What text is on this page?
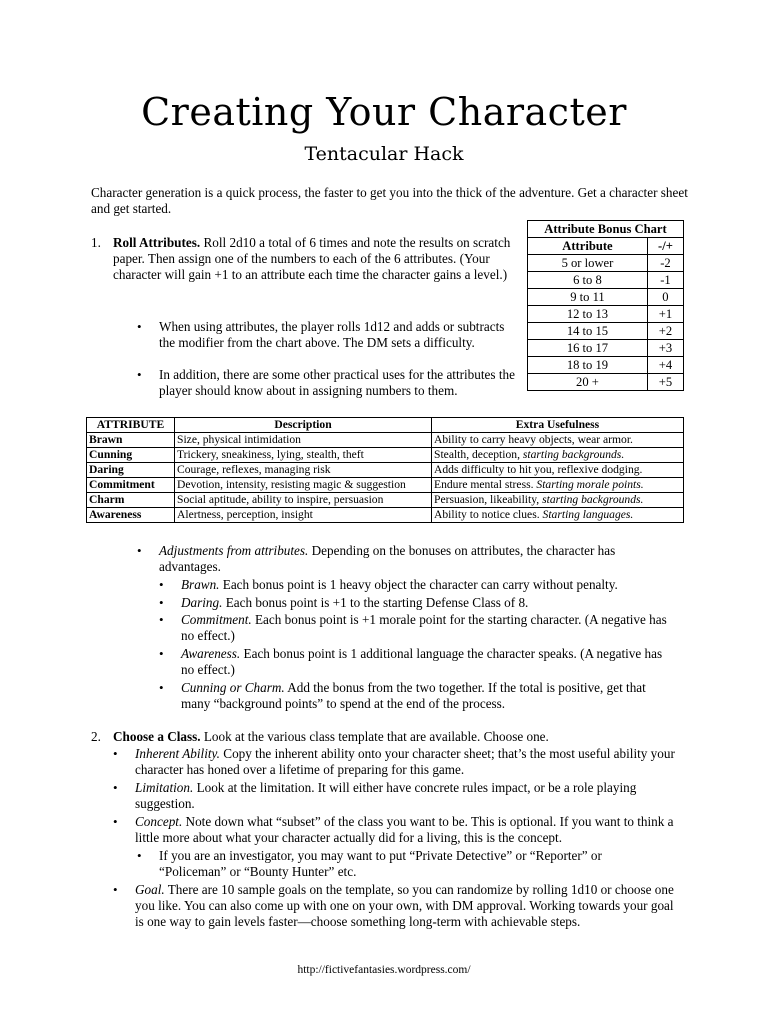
Creating Your Character
Tentacular Hack
Character generation is a quick process, the faster to get you into the thick of the adventure. Get a character sheet and get started.
1. Roll Attributes. Roll 2d10 a total of 6 times and note the results on scratch paper. Then assign one of the numbers to each of the 6 attributes. (Your character will gain +1 to an attribute each time the character gains a level.)
• When using attributes, the player rolls 1d12 and adds or subtracts the modifier from the chart above. The DM sets a difficulty.
• In addition, there are some other practical uses for the attributes the player should know about in assigning numbers to them.
Attribute Bonus Chart	
Attribute	-/+
5 or lower	-2
6 to 8	-1
9 to 11	0
12 to 13	+1
14 to 15	+2
16 to 17	+3
18 to 19	+4
20 +	+5
ATTRIBUTE	Description	Extra Usefulness
Brawn	Size, physical intimidation	Ability to carry heavy objects, wear armor.
Cunning	Trickery, sneakiness, lying, stealth, theft	Stealth, deception, starting backgrounds.
Daring	Courage, reflexes, managing risk	Adds difficulty to hit you, reflexive dodging.
Commitment	Devotion, intensity, resisting magic & suggestion	Endure mental stress. Starting morale points.
Charm	Social aptitude, ability to inspire, persuasion	Persuasion, likeability, starting backgrounds.
Awareness	Alertness, perception, insight	Ability to notice clues. Starting languages.
• Adjustments from attributes. Depending on the bonuses on attributes, the character has advantages.
• Brawn. Each bonus point is 1 heavy object the character can carry without penalty.
• Daring. Each bonus point is +1 to the starting Defense Class of 8.
• Commitment. Each bonus point is +1 morale point for the starting character. (A negative has no effect.)
• Awareness. Each bonus point is 1 additional language the character speaks. (A negative has no effect.)
• Cunning or Charm. Add the bonus from the two together. If the total is positive, get that many “background points” to spend at the end of the process.
2. Choose a Class. Look at the various class template that are available. Choose one.
• Inherent Ability. Copy the inherent ability onto your character sheet; that’s the most useful ability your character has honed over a lifetime of preparing for this game.
• Limitation. Look at the limitation. It will either have concrete rules impact, or be a role playing suggestion.
• Concept. Note down what “subset” of the class you want to be. This is optional. If you want to think a little more about what your character actually did for a living, this is the concept.
• If you are an investigator, you may want to put “Private Detective” or “Reporter” or “Policeman” or “Bounty Hunter” etc.
• Goal. There are 10 sample goals on the template, so you can randomize by rolling 1d10 or choose one you like. You can also come up with one on your own, with DM approval. Working towards your goal is one way to gain levels faster—choose something long-term with achievable steps.
http://fictivefantasies.wordpress.com/
